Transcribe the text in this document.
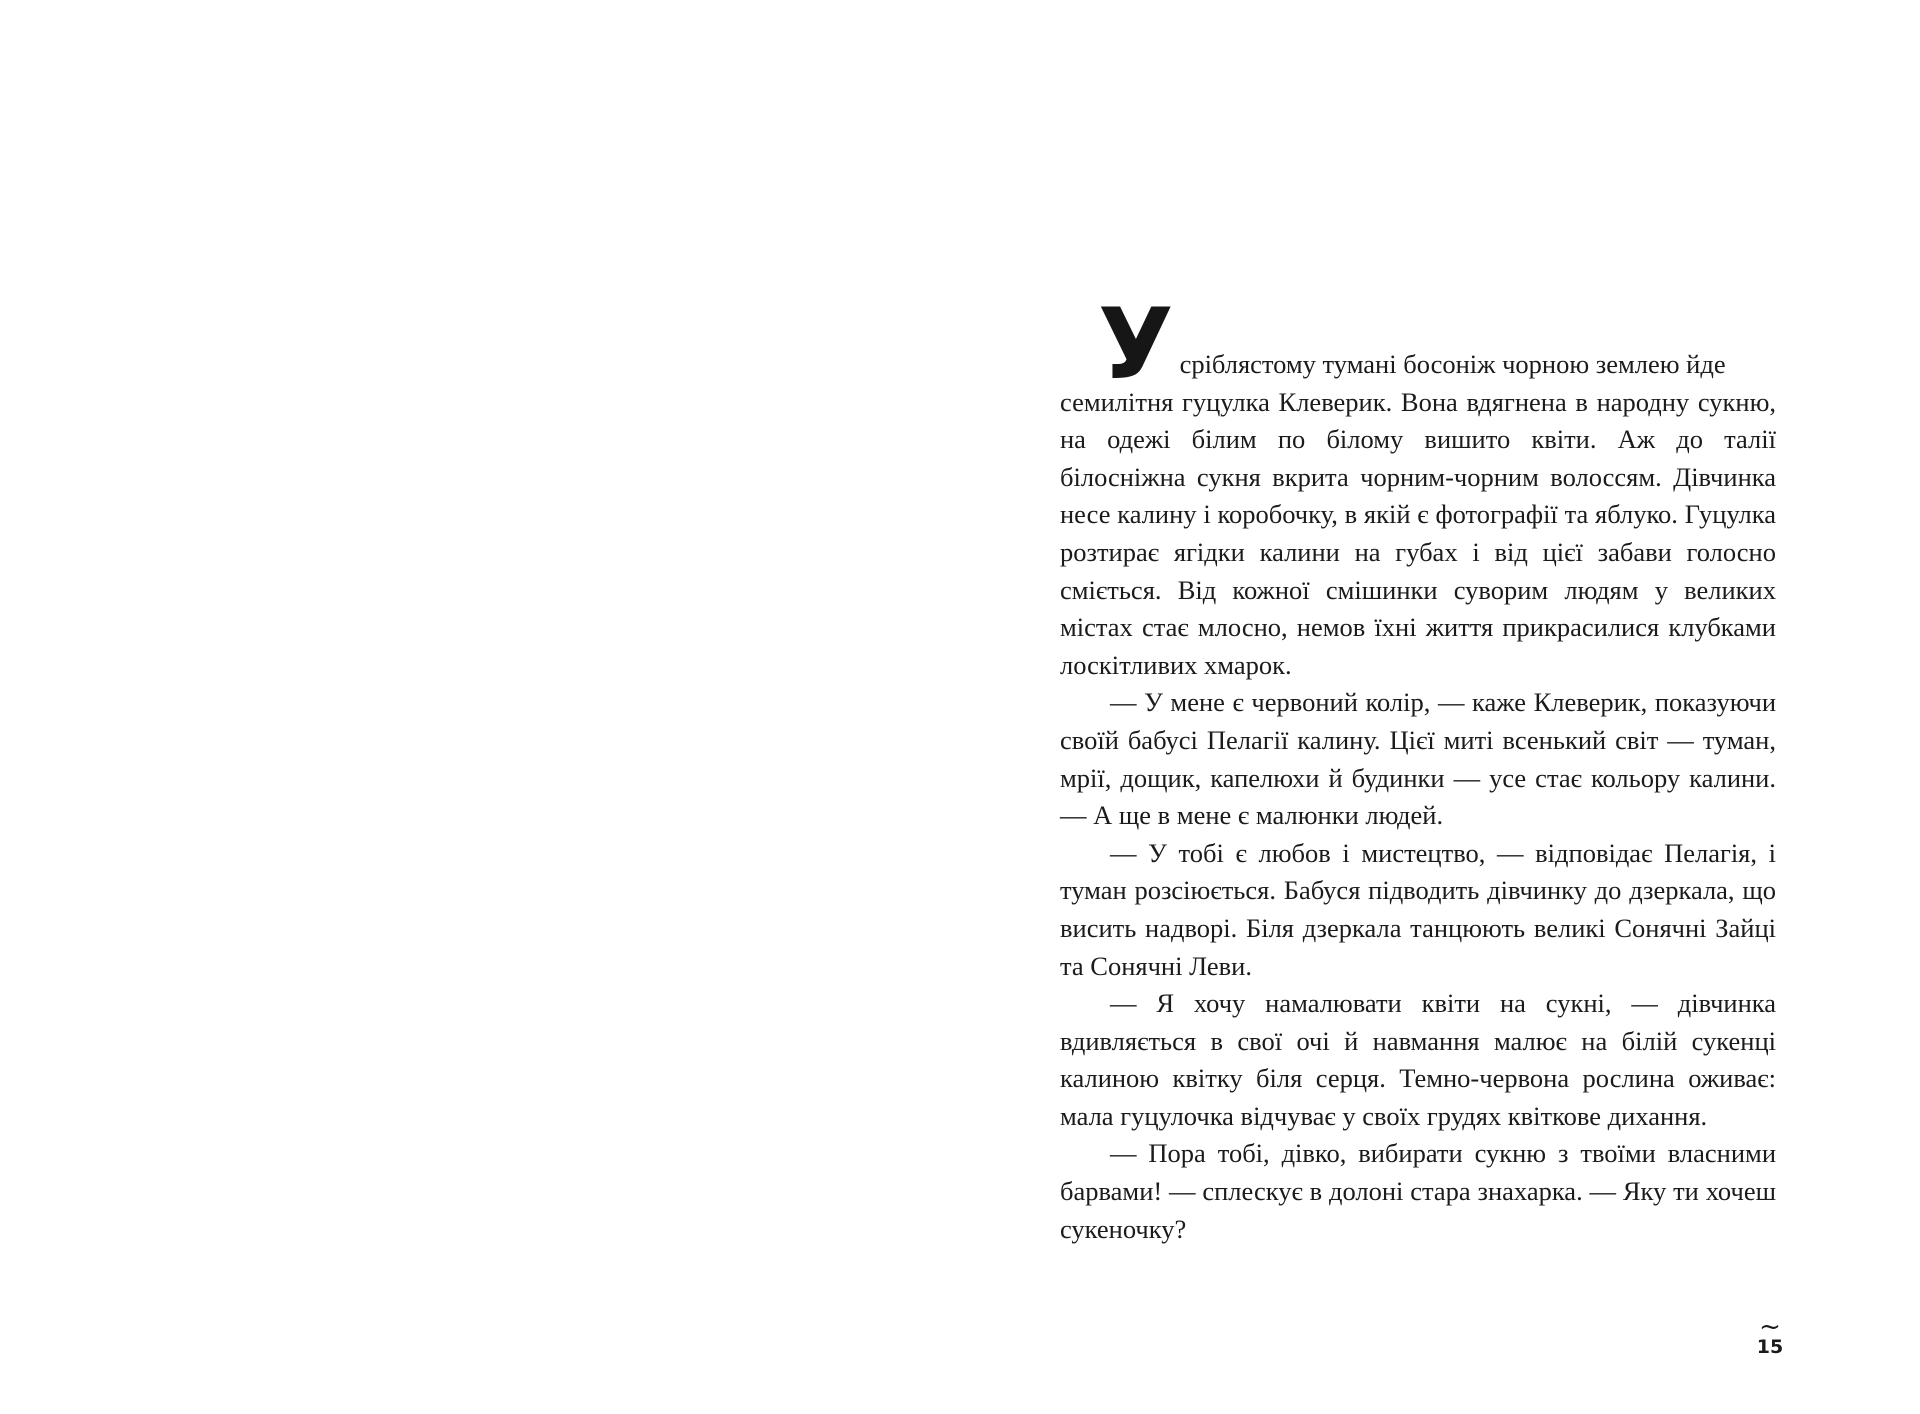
У сріблястому тумані босоніж чорною землею йде
семилітня гуцулка Клеверик. Вона вдягнена в народну сукню, на одежі білим по білому вишито квіти. Аж до талії білосніжна сукня вкрита чорним-чорним волоссям. Дівчинка несе калину і коробочку, в якій є фотографії та яблуко. Гуцулка розтирає ягідки калини на губах і від цієї забави голосно сміється. Від кожної смішинки суворим людям у великих містах стає млосно, немов їхні життя прикрасилися клубками лоскітливих хмарок.

— У мене є червоний колір, — каже Клеверик, показуючи своїй бабусі Пелагії калину. Цієї миті всенький світ — туман, мрії, дощик, капелюхи й будинки — усе стає кольору калини. — А ще в мене є малюнки людей.

— У тобі є любов і мистецтво, — відповідає Пелагія, і туман розсіюється. Бабуся підводить дівчинку до дзеркала, що висить надворі. Біля дзеркала танцюють великі Сонячні Зайці та Сонячні Леви.

— Я хочу намалювати квіти на сукні, — дівчинка вдивляється в свої очі й навмання малює на білій сукенці калиною квітку біля серця. Темно-червона рослина оживає: мала гуцулочка відчуває у своїх грудях квіткове дихання.

— Пора тобі, дівко, вибирати сукню з твоїми власними барвами! — сплескує в долоні стара знахарка. — Яку ти хочеш сукеночку?

~
15
